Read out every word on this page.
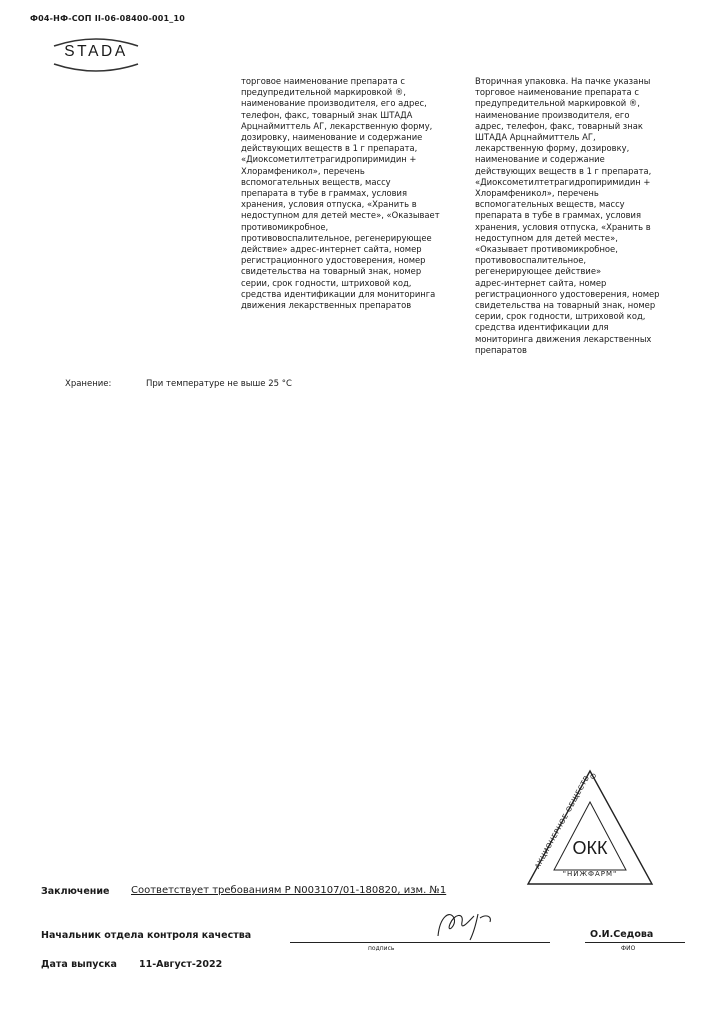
Ф04-НФ-СОП II-06-08400-001_10
STADA
торговое наименование препарата с
предупредительной маркировкой ®,
наименование производителя, его адрес,
телефон, факс, товарный знак ШТАДА
Арцнаймиттель АГ, лекарственную форму,
дозировку, наименование и содержание
действующих веществ в 1 г препарата,
«Диоксометилтетрагидропиримидин +
Хлорамфеникол», перечень
вспомогательных веществ, массу
препарата в тубе в граммах, условия
хранения, условия отпуска, «Хранить в
недоступном для детей месте», «Оказывает
противомикробное,
противовоспалительное, регенерирующее
действие» адрес-интернет сайта, номер
регистрационного удостоверения, номер
свидетельства на товарный знак, номер
серии, срок годности, штриховой код,
средства идентификации для мониторинга
движения лекарственных препаратов
Вторичная упаковка. На пачке указаны
торговое наименование препарата с
предупредительной маркировкой ®,
наименование производителя, его
адрес, телефон, факс, товарный знак
ШТАДА Арцнаймиттель АГ,
лекарственную форму, дозировку,
наименование и содержание
действующих веществ в 1 г препарата,
«Диоксометилтетрагидропиримидин +
Хлорамфеникол», перечень
вспомогательных веществ, массу
препарата в тубе в граммах, условия
хранения, условия отпуска, «Хранить в
недоступном для детей месте»,
«Оказывает противомикробное,
противовоспалительное,
регенерирующее действие»
адрес-интернет сайта, номер
регистрационного удостоверения, номер
свидетельства на товарный знак, номер
серии, срок годности, штриховой код,
средства идентификации для
мониторинга движения лекарственных
препаратов
Хранение:	При температуре не выше 25 °С
АКЦИОНЕРНОЕ ОБЩЕСТВО
ОКК
"НИЖФАРМ"
Заключение Соответствует требованиям Р N003107/01-180820, изм. №1
Начальник отдела контроля качества
подпись
О.И.Седова
ФИО
Дата выпуска 11-Август-2022
